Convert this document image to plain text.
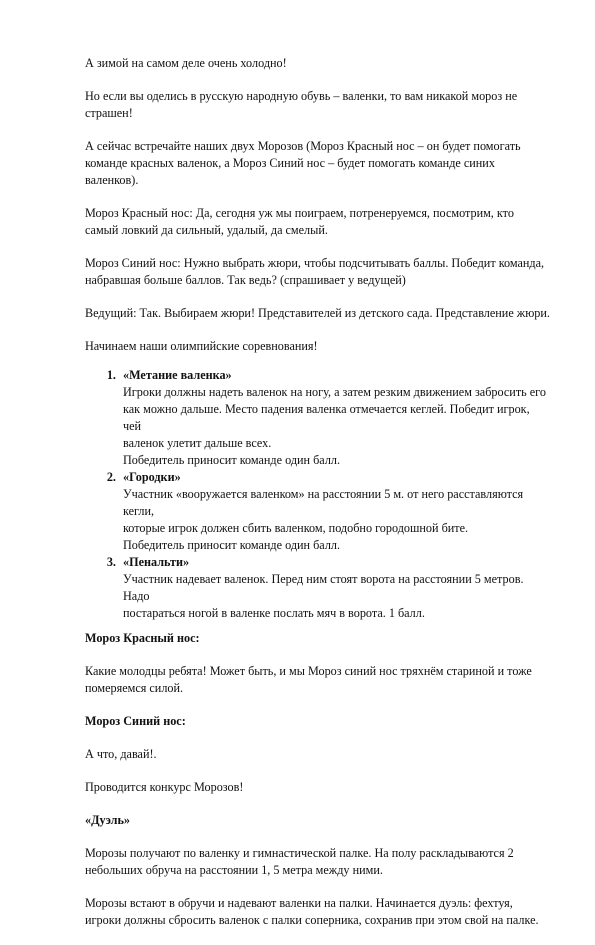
А зимой на самом деле очень холодно!

Но если вы оделись в русскую народную обувь – валенки, то вам никакой мороз не страшен!

А сейчас встречайте наших двух Морозов (Мороз Красный нос – он будет помогать команде красных валенок, а Мороз Синий нос – будет помогать команде синих валенков).

Мороз Красный нос: Да, сегодня уж мы поиграем, потренеруемся, посмотрим, кто самый ловкий да сильный, удалый, да смелый.

Мороз Синий нос: Нужно выбрать жюри, чтобы подсчитывать баллы. Победит команда, набравшая больше баллов. Так ведь? (спрашивает у ведущей)

Ведущий: Так. Выбираем жюри! Представителей из детского сада. Представление жюри.

Начинаем наши олимпийские соревнования!

1. «Метание валенка»
Игроки должны надеть валенок на ногу, а затем резким движением забросить его
как можно дальше. Место падения валенка отмечается кеглей. Победит игрок, чей
валенок улетит дальше всех.
Победитель приносит команде один балл.
2. «Городки»
Участник «вооружается валенком» на расстоянии 5 м. от него расставляются кегли,
которые игрок должен сбить валенком, подобно городошной бите.
Победитель приносит команде один балл.
3. «Пенальти»
Участник надевает валенок. Перед ним стоят ворота на расстоянии 5 метров. Надо
постараться ногой в валенке послать мяч в ворота. 1 балл.

Мороз Красный нос:

Какие молодцы ребята! Может быть, и мы Мороз синий нос тряхнём стариной и тоже померяемся силой.

Мороз Синий нос:

А что, давай!.

Проводится конкурс Морозов!

«Дуэль»

Морозы получают по валенку и гимнастической палке. На полу раскладываются 2 небольших обруча на расстоянии 1, 5 метра между ними.

Морозы встают в обручи и надевают валенки на палки. Начинается дуэль: фехтуя, игроки должны сбросить валенок с палки соперника, сохранив при этом свой на палке.
